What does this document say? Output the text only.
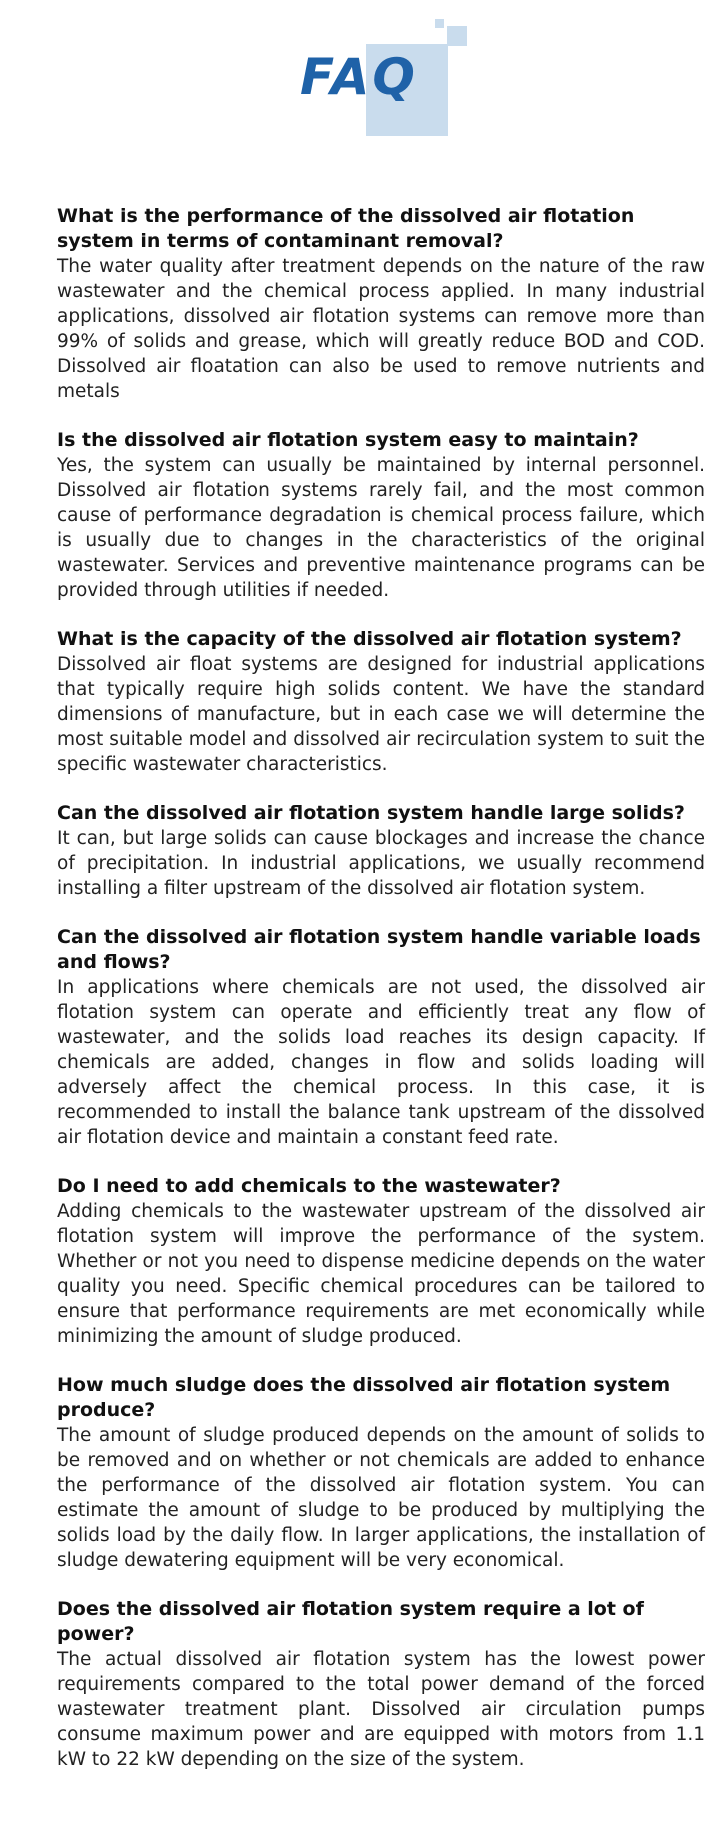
FAQ

What is the performance of the dissolved air flotation system in terms of contaminant removal?

The water quality after treatment depends on the nature of the raw wastewater and the chemical process applied. In many industrial applications, dissolved air flotation systems can remove more than 99% of solids and grease, which will greatly reduce BOD and COD. Dissolved air floatation can also be used to remove nutrients and metals

Is the dissolved air flotation system easy to maintain?

Yes, the system can usually be maintained by internal personnel. Dissolved air flotation systems rarely fail, and the most common cause of performance degradation is chemical process failure, which is usually due to changes in the characteristics of the original wastewater. Services and preventive maintenance programs can be provided through utilities if needed.

What is the capacity of the dissolved air flotation system?

Dissolved air float systems are designed for industrial applications that typically require high solids content. We have the standard dimensions of manufacture, but in each case we will determine the most suitable model and dissolved air recirculation system to suit the specific wastewater characteristics.

Can the dissolved air flotation system handle large solids?

It can, but large solids can cause blockages and increase the chance of precipitation. In industrial applications, we usually recommend installing a filter upstream of the dissolved air flotation system.

Can the dissolved air flotation system handle variable loads and flows?

In applications where chemicals are not used, the dissolved air flotation system can operate and efficiently treat any flow of wastewater, and the solids load reaches its design capacity. If chemicals are added, changes in flow and solids loading will adversely affect the chemical process. In this case, it is recommended to install the balance tank upstream of the dissolved air flotation device and maintain a constant feed rate.

Do I need to add chemicals to the wastewater?

Adding chemicals to the wastewater upstream of the dissolved air flotation system will improve the performance of the system. Whether or not you need to dispense medicine depends on the water quality you need. Specific chemical procedures can be tailored to ensure that performance requirements are met economically while minimizing the amount of sludge produced.

How much sludge does the dissolved air flotation system produce?

The amount of sludge produced depends on the amount of solids to be removed and on whether or not chemicals are added to enhance the performance of the dissolved air flotation system. You can estimate the amount of sludge to be produced by multiplying the solids load by the daily flow. In larger applications, the installation of sludge dewatering equipment will be very economical.

Does the dissolved air flotation system require a lot of power?

The actual dissolved air flotation system has the lowest power requirements compared to the total power demand of the forced wastewater treatment plant. Dissolved air circulation pumps consume maximum power and are equipped with motors from 1.1 kW to 22 kW depending on the size of the system.
